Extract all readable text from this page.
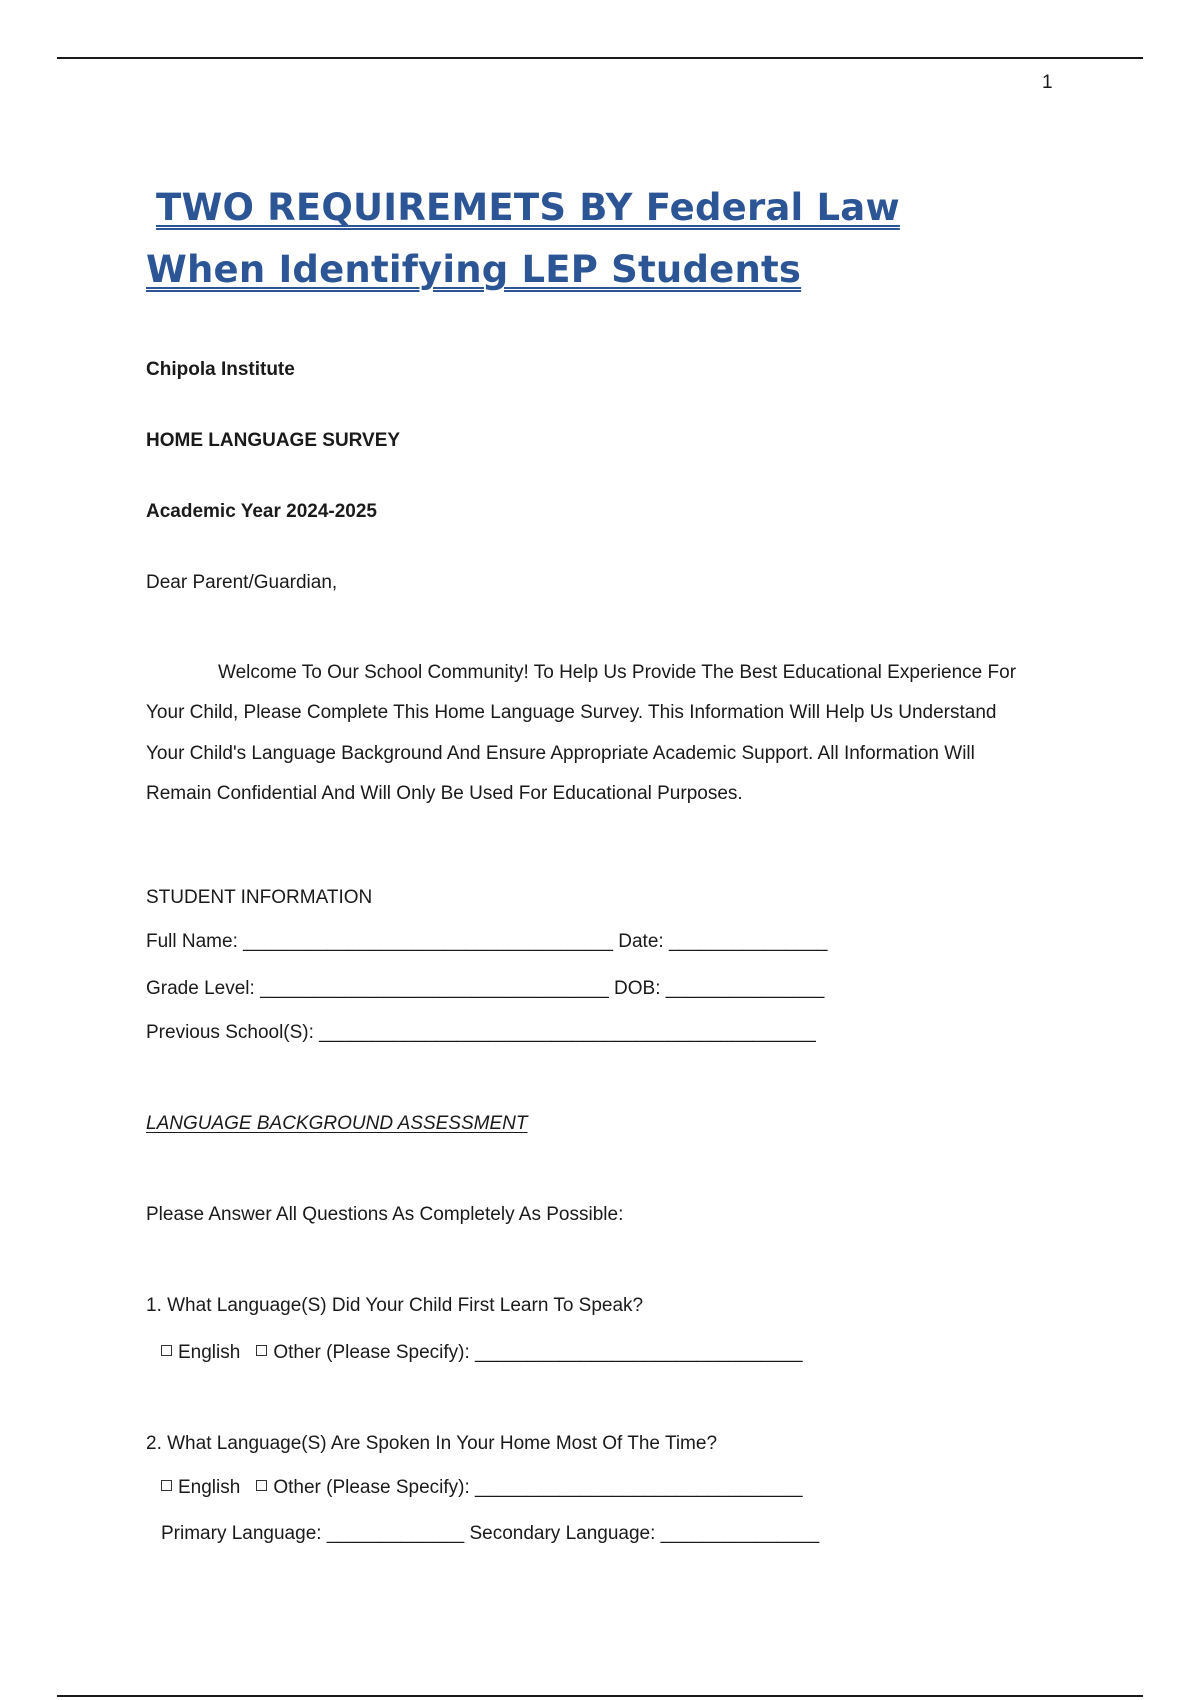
1
TWO REQUIREMETS BY Federal Law
When Identifying LEP Students
Chipola Institute
HOME LANGUAGE SURVEY
Academic Year 2024-2025
Dear Parent/Guardian,
Welcome To Our School Community! To Help Us Provide The Best Educational Experience For
Your Child, Please Complete This Home Language Survey. This Information Will Help Us Understand
Your Child's Language Background And Ensure Appropriate Academic Support. All Information Will
Remain Confidential And Will Only Be Used For Educational Purposes.
STUDENT INFORMATION
Full Name: ___________________________________ Date: _______________
Grade Level: _________________________________ DOB: _______________
Previous School(S): _______________________________________________
LANGUAGE BACKGROUND ASSESSMENT
Please Answer All Questions As Completely As Possible:
1. What Language(S) Did Your Child First Learn To Speak?
English Other (Please Specify): _______________________________
2. What Language(S) Are Spoken In Your Home Most Of The Time?
English Other (Please Specify): _______________________________
Primary Language: _____________ Secondary Language: _______________
